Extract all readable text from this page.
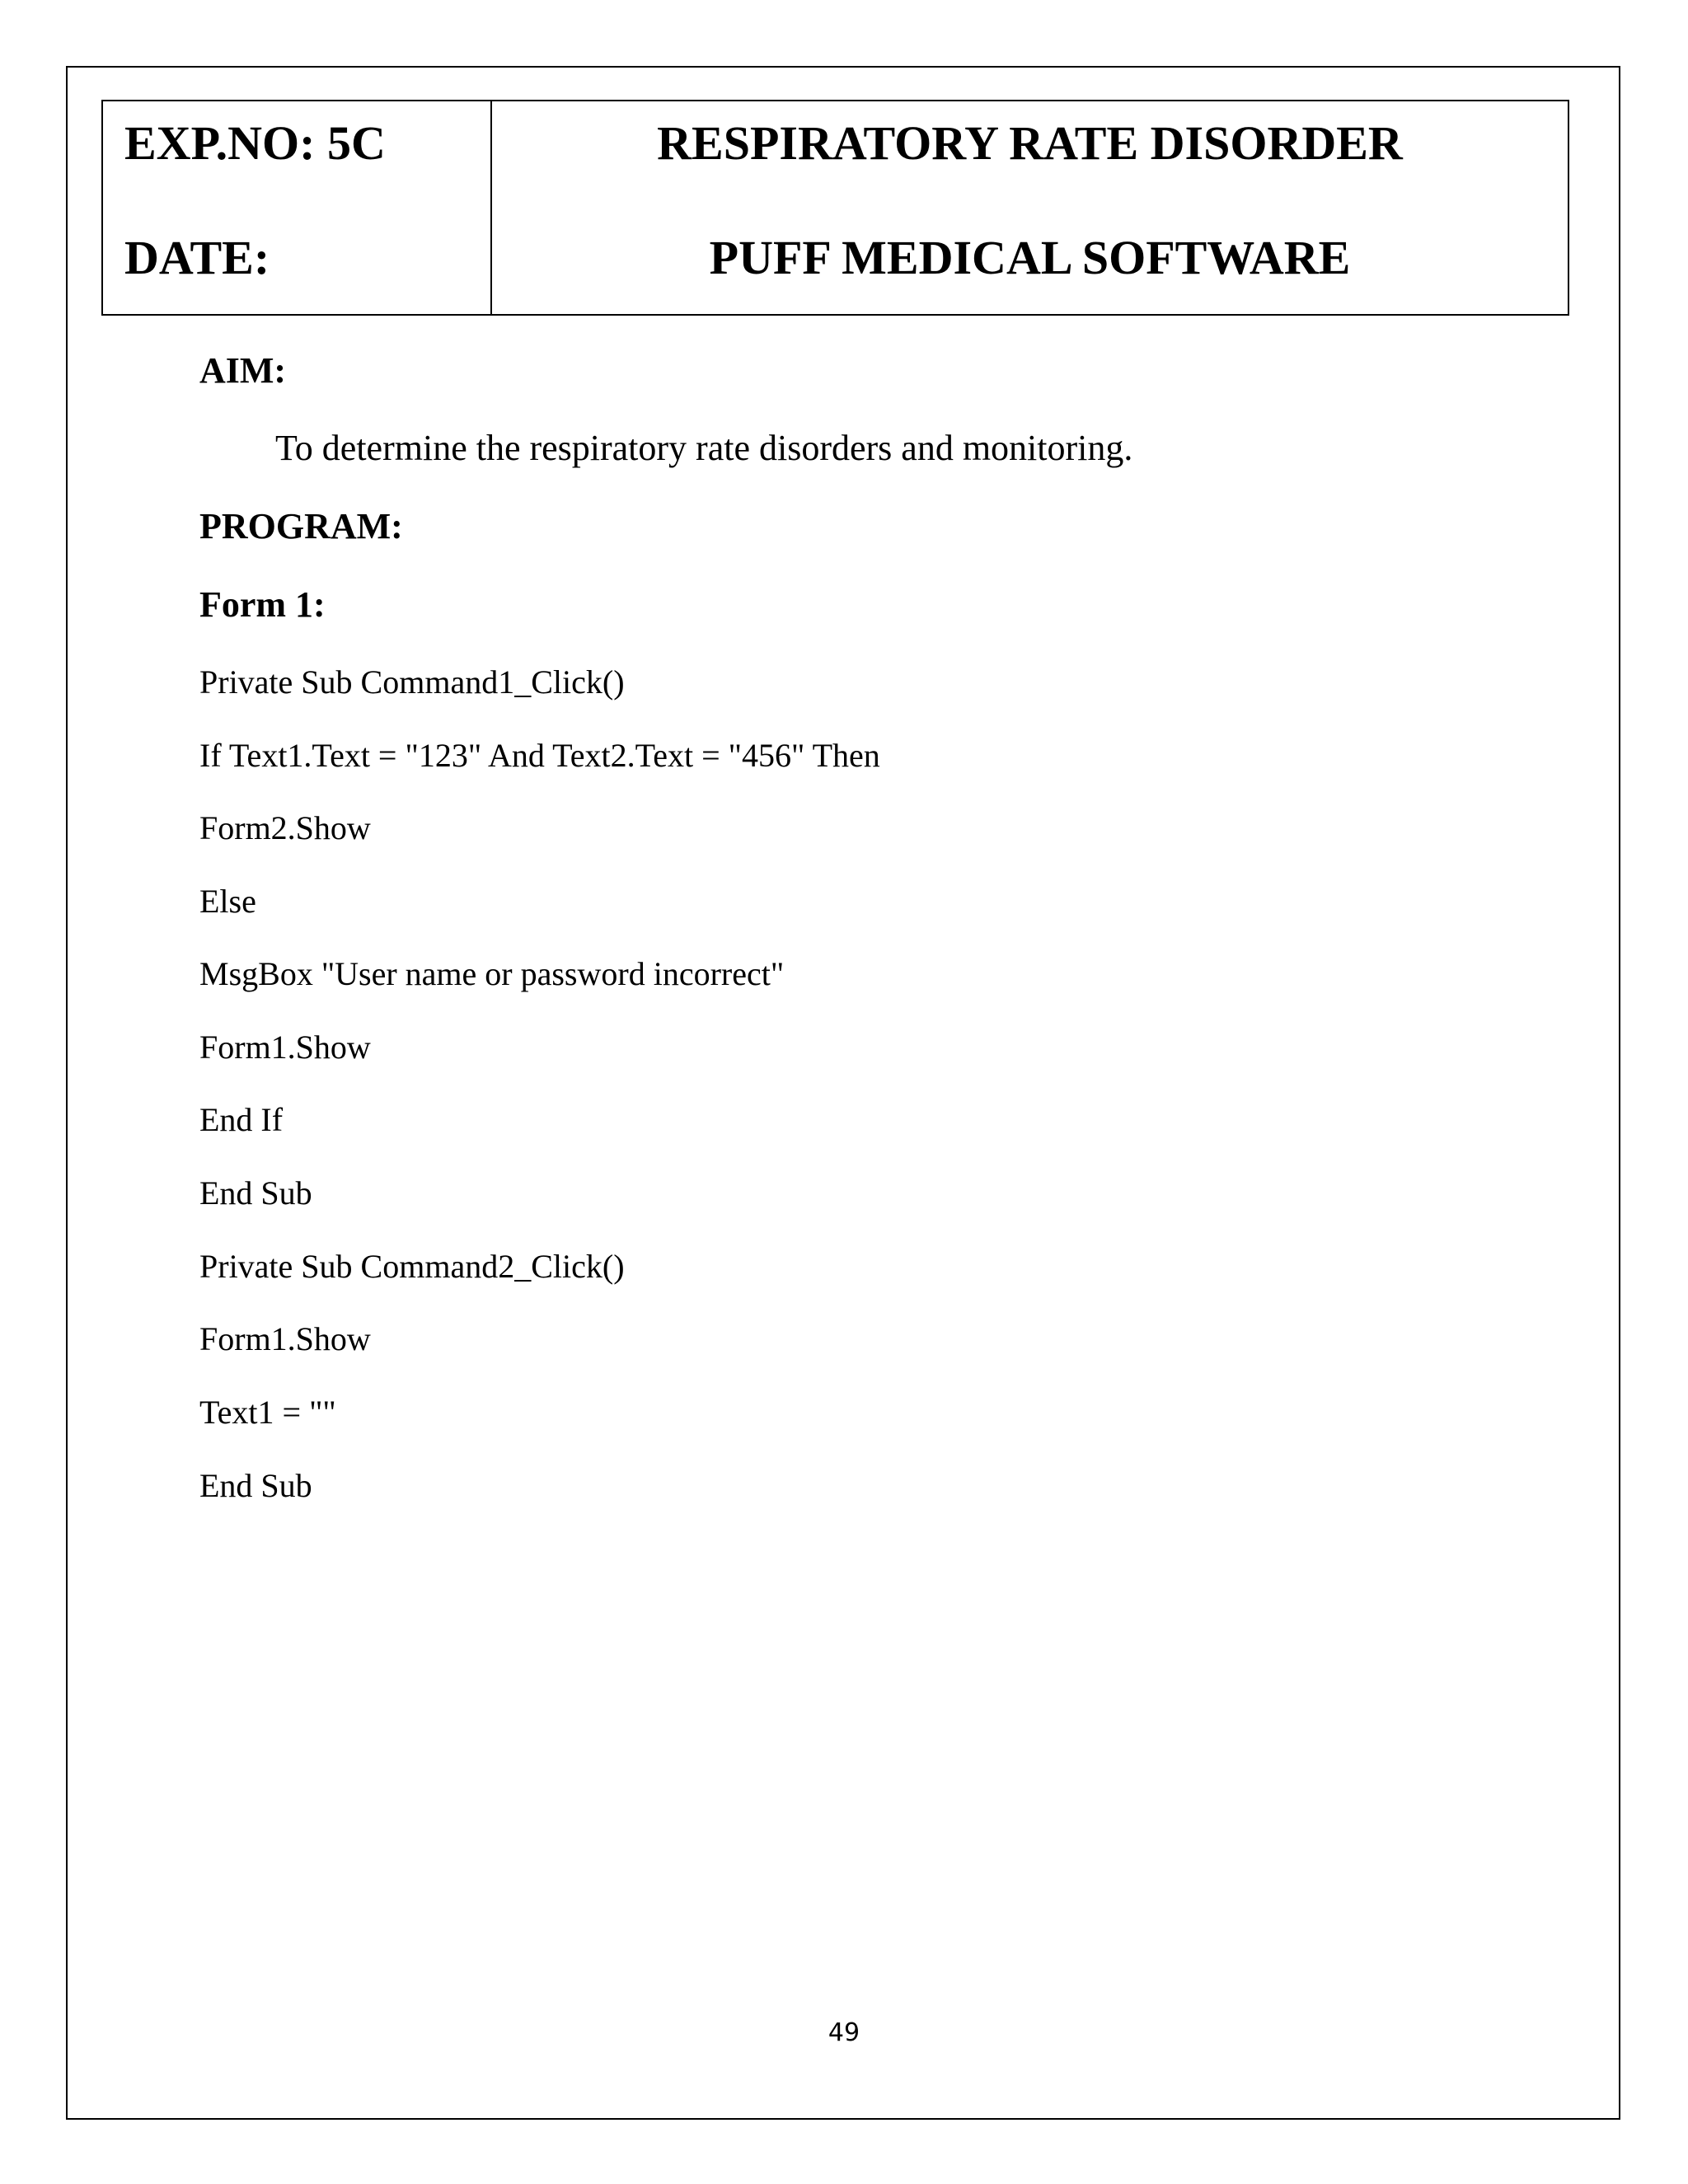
EXP.NO: 5C
DATE:
RESPIRATORY RATE DISORDER
PUFF MEDICAL SOFTWARE
AIM:
To determine the respiratory rate disorders and monitoring.
PROGRAM:
Form 1:
Private Sub Command1_Click()
If Text1.Text = "123" And Text2.Text = "456" Then
Form2.Show
Else
MsgBox "User name or password incorrect"
Form1.Show
End If
End Sub
Private Sub Command2_Click()
Form1.Show
Text1 = ""
End Sub
49
